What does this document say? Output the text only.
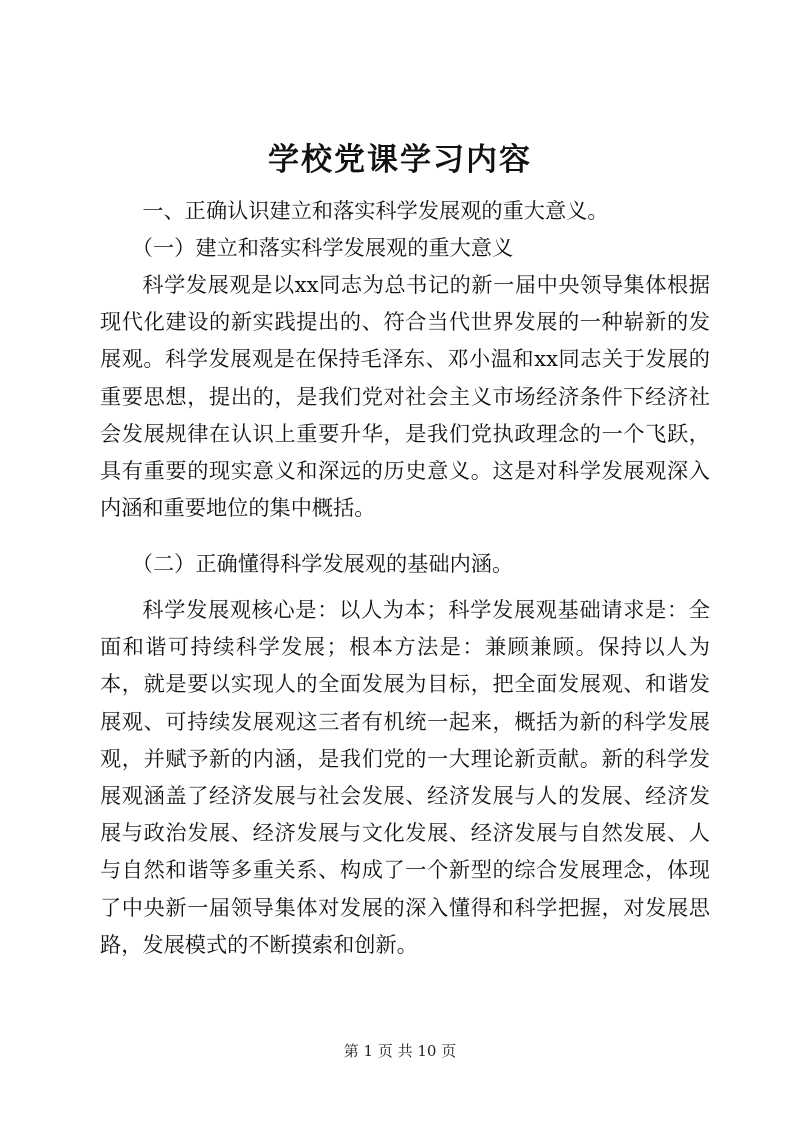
学校党课学习内容
一、正确认识建立和落实科学发展观的重大意义。
（一）建立和落实科学发展观的重大意义

科学发展观是以xx同志为总书记的新一届中央领导集体根据现代化建设的新实践提出的、符合当代世界发展的一种崭新的发展观。科学发展观是在保持毛泽东、邓小温和xx同志关于发展的重要思想，提出的，是我们党对社会主义市场经济条件下经济社会发展规律在认识上重要升华，是我们党执政理念的一个飞跃，具有重要的现实意义和深远的历史意义。这是对科学发展观深入内涵和重要地位的集中概括。

（二）正确懂得科学发展观的基础内涵。

科学发展观核心是：以人为本；科学发展观基础请求是：全面和谐可持续科学发展；根本方法是：兼顾兼顾。保持以人为本，就是要以实现人的全面发展为目标，把全面发展观、和谐发展观、可持续发展观这三者有机统一起来，概括为新的科学发展观，并赋予新的内涵，是我们党的一大理论新贡献。新的科学发展观涵盖了经济发展与社会发展、经济发展与人的发展、经济发展与政治发展、经济发展与文化发展、经济发展与自然发展、人与自然和谐等多重关系、构成了一个新型的综合发展理念，体现了中央新一届领导集体对发展的深入懂得和科学把握，对发展思路，发展模式的不断摸索和创新。

第 1 页 共 10 页
